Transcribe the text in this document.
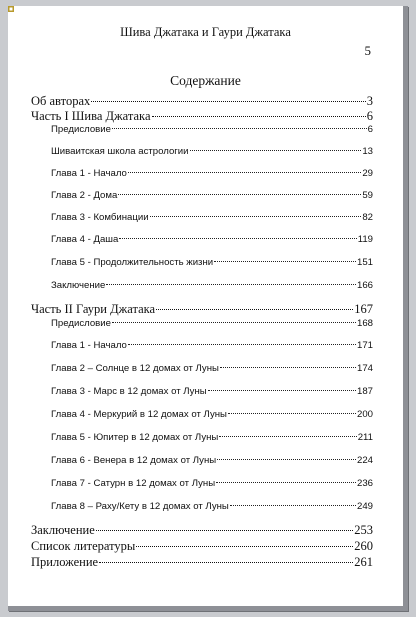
Шива Джатака и Гаури Джатака
5
Содержание
Об авторах	3
Часть I Шива Джатака	6
Предисловие	6
Шиваитская школа астрологии	13
Глава 1 - Начало	29
Глава 2 - Дома	59
Глава 3 - Комбинации	82
Глава 4 - Даша	119
Глава 5 - Продолжительность жизни	151
Заключение	166
Часть II Гаури Джатака	167
Предисловие	168
Глава 1 - Начало	171
Глава 2 – Солнце в 12 домах от Луны	174
Глава 3 - Марс в 12 домах от Луны	187
Глава 4 - Меркурий в 12 домах от Луны	200
Глава 5 - Юпитер в 12 домах от Луны	211
Глава 6 - Венера в 12 домах от Луны	224
Глава 7 - Сатурн в 12 домах от Луны	236
Глава 8 – Раху/Кету в 12 домах от Луны	249
Заключение	253
Список литературы	260
Приложение	261
